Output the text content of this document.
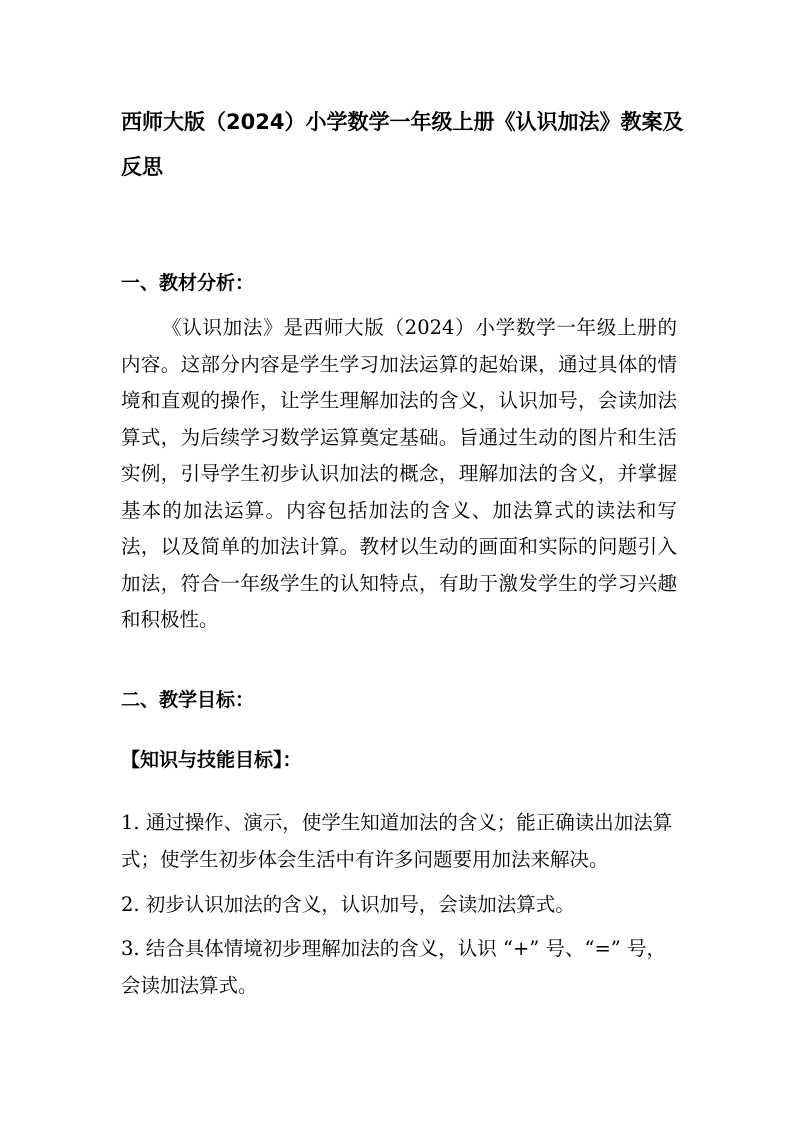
西师大版（2024）小学数学一年级上册《认识加法》教案及反思
一、教材分析：

《认识加法》是西师大版（2024）小学数学一年级上册的内容。这部分内容是学生学习加法运算的起始课，通过具体的情境和直观的操作，让学生理解加法的含义，认识加号，会读加法算式，为后续学习数学运算奠定基础。旨通过生动的图片和生活实例，引导学生初步认识加法的概念，理解加法的含义，并掌握基本的加法运算。内容包括加法的含义、加法算式的读法和写法，以及简单的加法计算。教材以生动的画面和实际的问题引入加法，符合一年级学生的认知特点，有助于激发学生的学习兴趣和积极性。

二、教学目标：
【知识与技能目标】：

1. 通过操作、演示，使学生知道加法的含义；能正确读出加法算式；使学生初步体会生活中有许多问题要用加法来解决。

2. 初步认识加法的含义，认识加号，会读加法算式。

3. 结合具体情境初步理解加法的含义，认识 “+” 号、“=” 号，会读加法算式。
